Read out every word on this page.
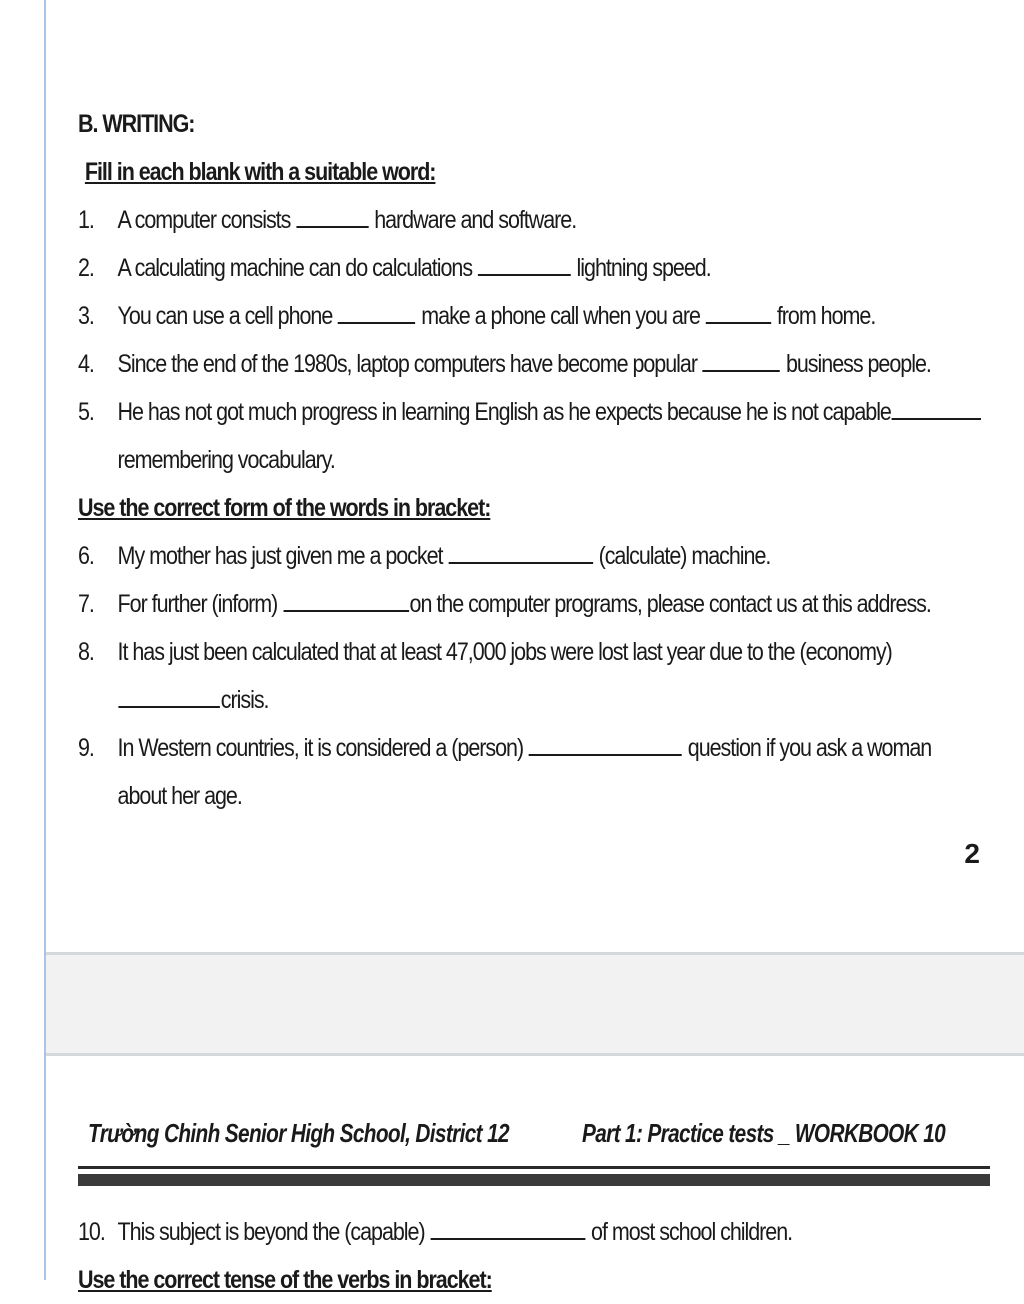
B. WRITING:
Fill in each blank with a suitable word:
1. A computer consists	hardware and software.
2. A calculating machine can do calculations	lightning speed.
3. You can use a cell phone	make a phone call when you are	from home.
4. Since the end of the 1980s, laptop computers have become popular	business people.
5. He has not got much progress in learning English as he expects because he is not capable
remembering vocabulary.
Use the correct form of the words in bracket:
6. My mother has just given me a pocket	(calculate) machine.
7. For further (inform)	on the computer programs, please contact us at this address.
8. It has just been calculated that at least 47,000 jobs were lost last year due to the (economy)
crisis.
9. In Western countries, it is considered a (person)	question if you ask a woman
about her age.
2
Trường Chinh Senior High School, District 12	Part 1: Practice tests _ WORKBOOK 10
10. This subject is beyond the (capable)	of most school children.
Use the correct tense of the verbs in bracket:
